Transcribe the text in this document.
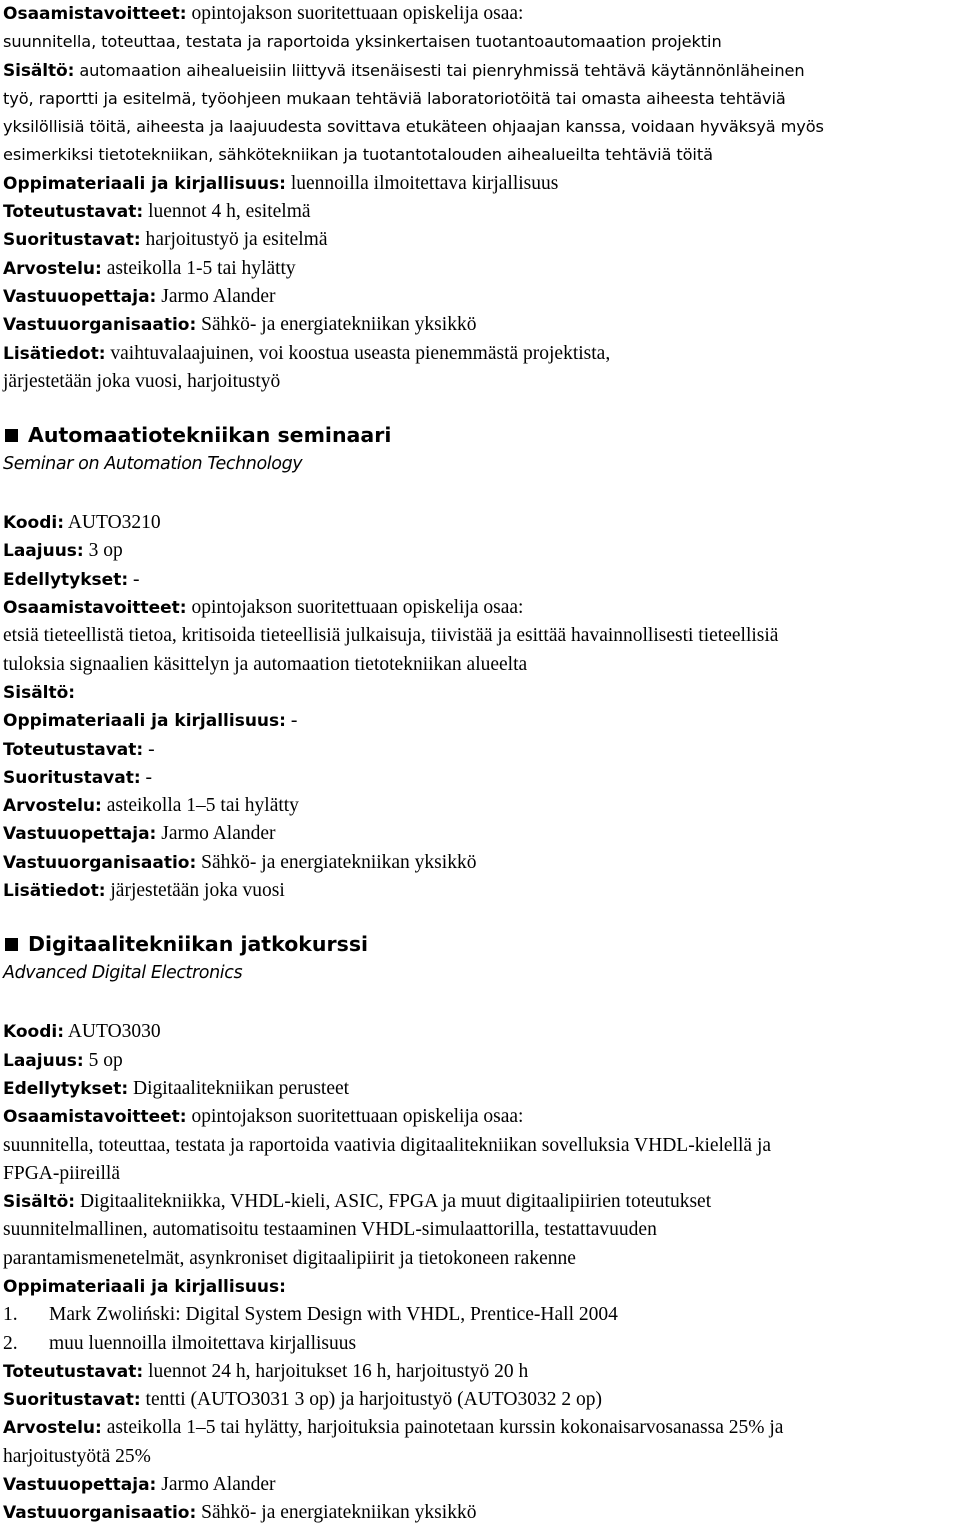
Osaamistavoitteet: opintojakson suoritettuaan opiskelija osaa:
suunnitella, toteuttaa, testata ja raportoida yksinkertaisen tuotantoautomaation projektin
Sisältö: automaation aihealueisiin liittyvä itsenäisesti tai pienryhmissä tehtävä käytännönläheinen
työ, raportti ja esitelmä, työohjeen mukaan tehtäviä laboratoriotöitä tai omasta aiheesta tehtäviä
yksilöllisiä töitä, aiheesta ja laajuudesta sovittava etukäteen ohjaajan kanssa, voidaan hyväksyä myös
esimerkiksi tietotekniikan, sähkötekniikan ja tuotantotalouden aihealueilta tehtäviä töitä
Oppimateriaali ja kirjallisuus: luennoilla ilmoitettava kirjallisuus
Toteutustavat: luennot 4 h, esitelmä
Suoritustavat: harjoitustyö ja esitelmä
Arvostelu: asteikolla 1-5 tai hylätty
Vastuuopettaja: Jarmo Alander
Vastuuorganisaatio: Sähkö- ja energiatekniikan yksikkö
Lisätiedot: vaihtuvalaajuinen, voi koostua useasta pienemmästä projektista,
järjestetään joka vuosi, harjoitustyö
Automaatiotekniikan seminaari
Seminar on Automation Technology
Koodi: AUTO3210
Laajuus: 3 op
Edellytykset: -
Osaamistavoitteet: opintojakson suoritettuaan opiskelija osaa:
etsiä tieteellistä tietoa, kritisoida tieteellisiä julkaisuja, tiivistää ja esittää havainnollisesti tieteellisiä
tuloksia signaalien käsittelyn ja automaation tietotekniikan alueelta
Sisältö:
Oppimateriaali ja kirjallisuus: -
Toteutustavat: -
Suoritustavat: -
Arvostelu: asteikolla 1–5 tai hylätty
Vastuuopettaja: Jarmo Alander
Vastuuorganisaatio: Sähkö- ja energiatekniikan yksikkö
Lisätiedot: järjestetään joka vuosi
Digitaalitekniikan jatkokurssi
Advanced Digital Electronics
Koodi: AUTO3030
Laajuus: 5 op
Edellytykset: Digitaalitekniikan perusteet
Osaamistavoitteet: opintojakson suoritettuaan opiskelija osaa:
suunnitella, toteuttaa, testata ja raportoida vaativia digitaalitekniikan sovelluksia VHDL-kielellä ja
FPGA-piireillä
Sisältö: Digitaalitekniikka, VHDL-kieli, ASIC, FPGA ja muut digitaalipiirien toteutukset
suunnitelmallinen, automatisoitu testaaminen VHDL-simulaattorilla, testattavuuden
parantamismenetelmät, asynkroniset digitaalipiirit ja tietokoneen rakenne
Oppimateriaali ja kirjallisuus:
1. Mark Zwoliński: Digital System Design with VHDL, Prentice-Hall 2004
2. muu luennoilla ilmoitettava kirjallisuus
Toteutustavat: luennot 24 h, harjoitukset 16 h, harjoitustyö 20 h
Suoritustavat: tentti (AUTO3031 3 op) ja harjoitustyö (AUTO3032 2 op)
Arvostelu: asteikolla 1–5 tai hylätty, harjoituksia painotetaan kurssin kokonaisarvosanassa 25% ja
harjoitustyötä 25%
Vastuuopettaja: Jarmo Alander
Vastuuorganisaatio: Sähkö- ja energiatekniikan yksikkö
